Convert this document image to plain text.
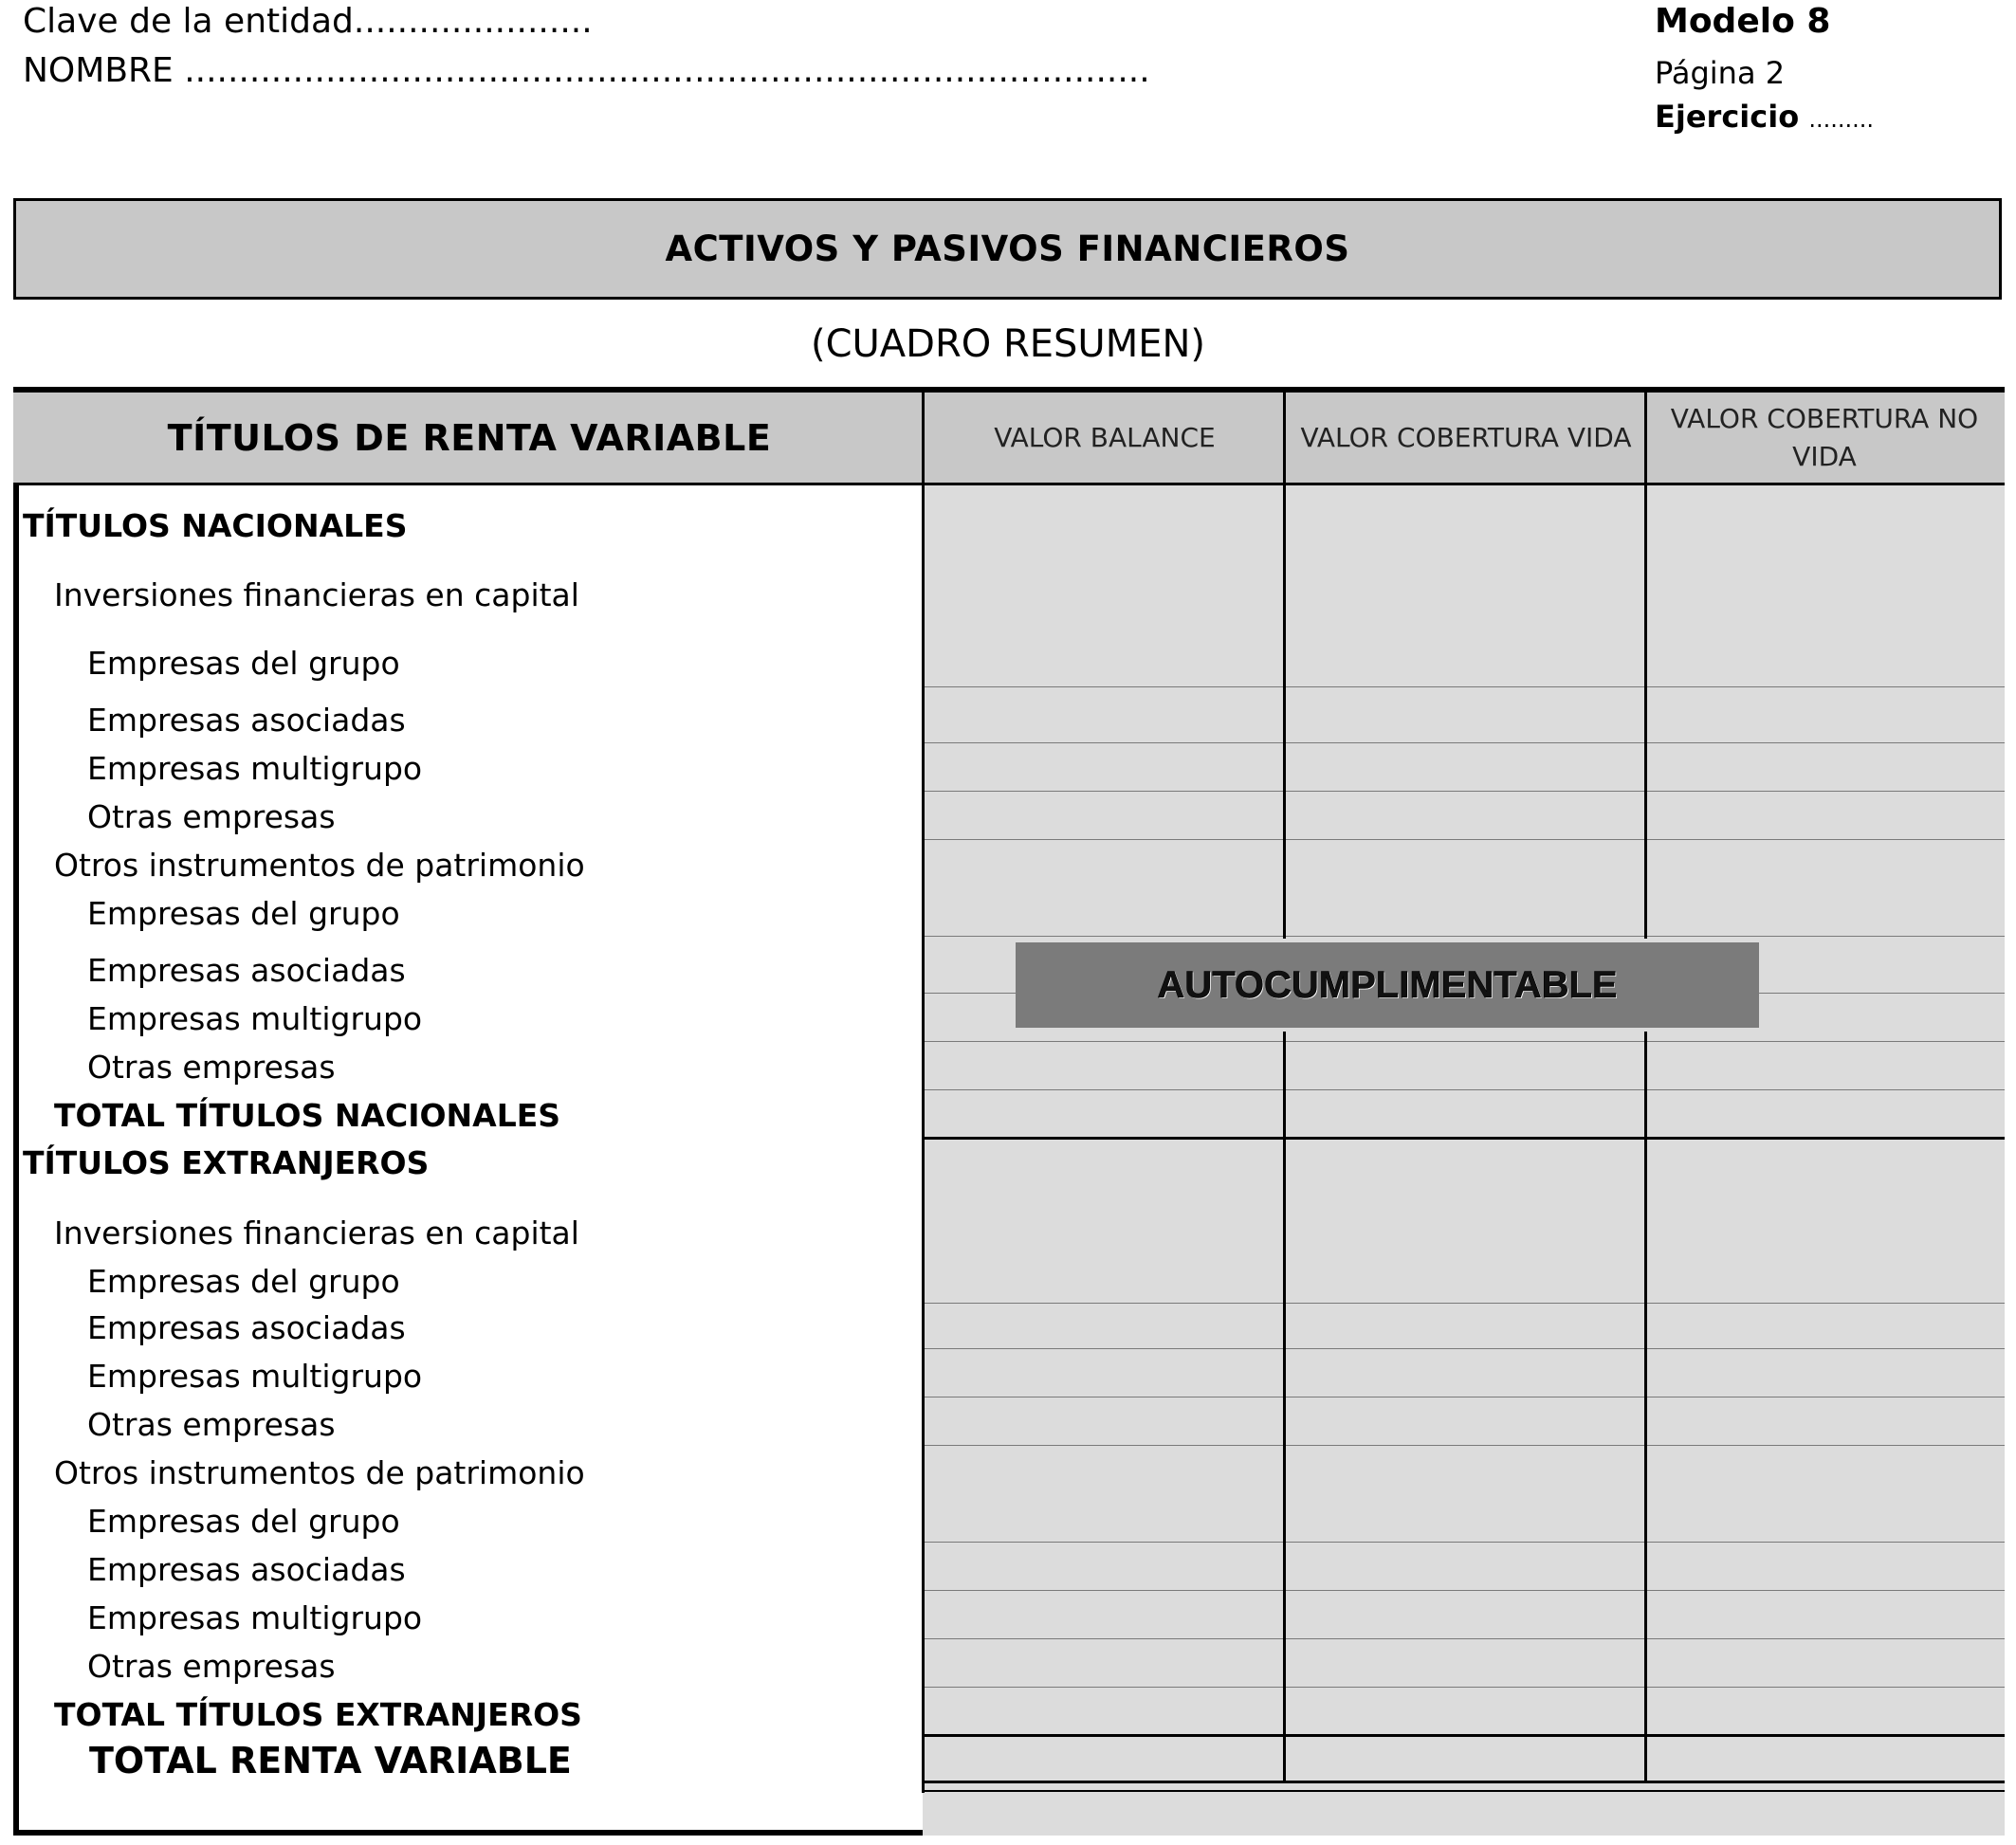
Clave de la entidad......................
NOMBRE .........................................................................................
Modelo 8
Página 2
Ejercicio .........
ACTIVOS Y PASIVOS FINANCIEROS
(CUADRO RESUMEN)
TÍTULOS DE RENTA VARIABLE	VALOR BALANCE	VALOR COBERTURA VIDA
VALOR COBERTURA NO VIDA
TÍTULOS NACIONALES
Inversiones financieras en capital
Empresas del grupo
Empresas asociadas
Empresas multigrupo
Otras empresas
Otros instrumentos de patrimonio
Empresas del grupo
Empresas asociadas
Empresas multigrupo
Otras empresas
TOTAL TÍTULOS NACIONALES
TÍTULOS EXTRANJEROS
Inversiones financieras en capital
Empresas del grupo
Empresas asociadas
Empresas multigrupo
Otras empresas
Otros instrumentos de patrimonio
Empresas del grupo
Empresas asociadas
Empresas multigrupo
Otras empresas
TOTAL TÍTULOS EXTRANJEROS
TOTAL RENTA VARIABLE
AUTOCUMPLIMENTABLE
